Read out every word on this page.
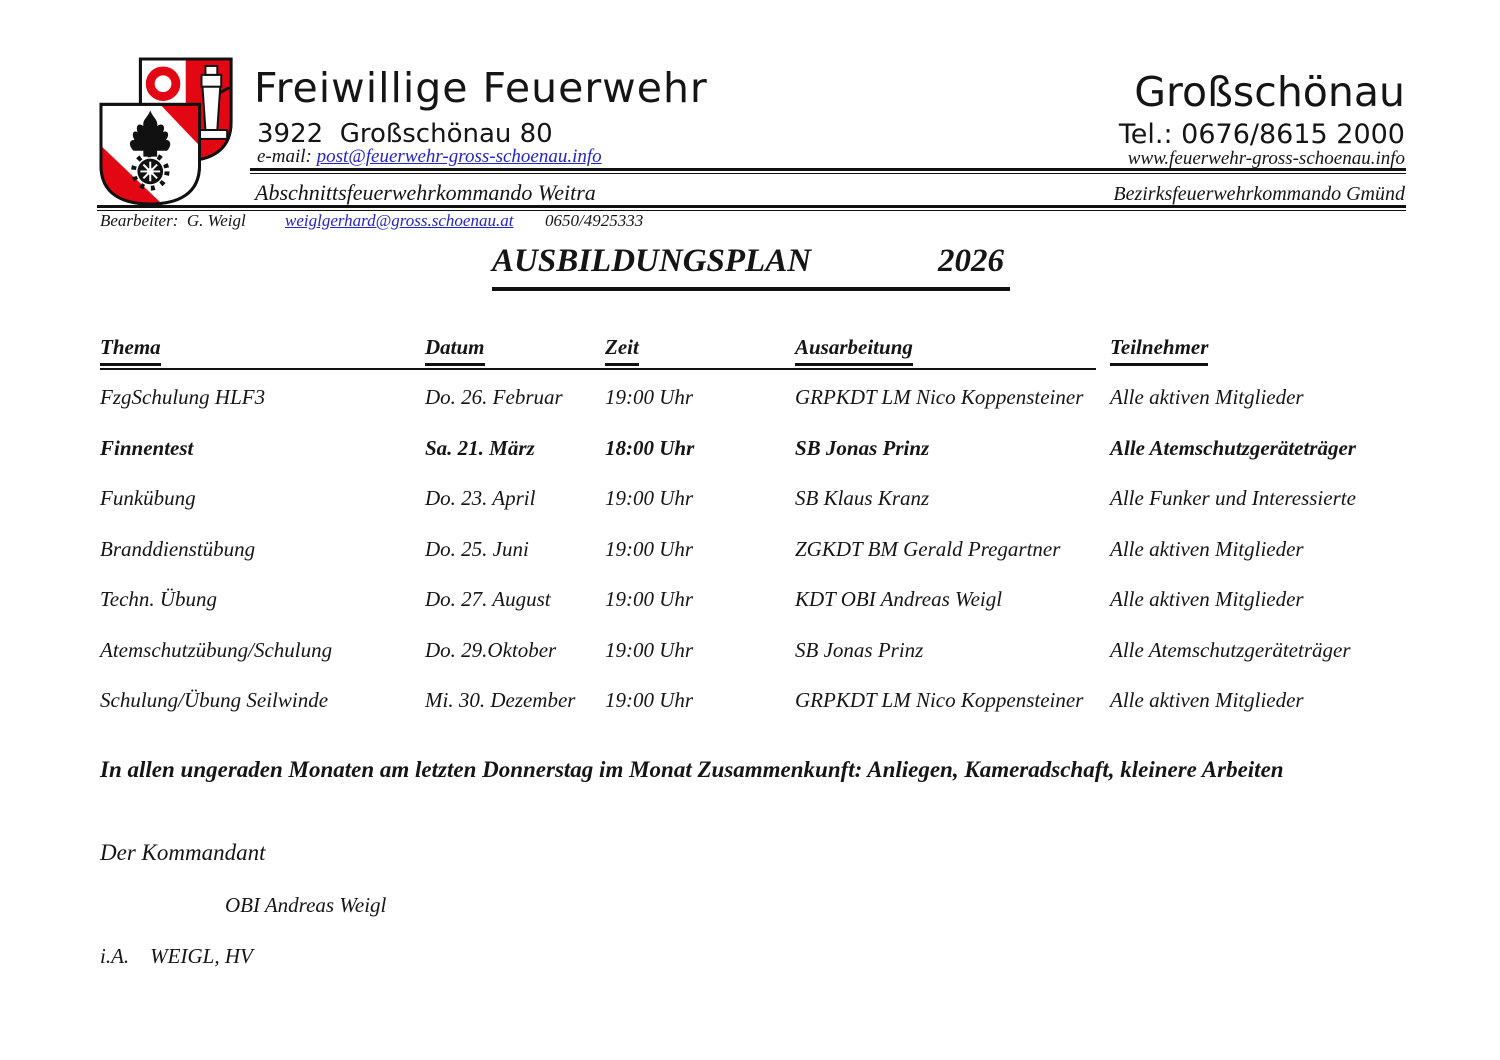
Freiwillige Feuerwehr
3922  Großschönau 80
e-mail: post@feuerwehr-gross-schoenau.info
Großschönau
Tel.: 0676/8615 2000
www.feuerwehr-gross-schoenau.info
Abschnittsfeuerwehrkommando Weitra	Bezirksfeuerwehrkommando Gmünd
Bearbeiter:  G. Weigl weiglgerhard@gross.schoenau.at 0650/4925333
AUSBILDUNGSPLAN	2026
Thema	Datum	Zeit	Ausarbeitung	Teilnehmer
FzgSchulung HLF3	Do. 26. Februar	19:00 Uhr	GRPKDT LM Nico Koppensteiner	Alle aktiven Mitglieder
Finnentest	Sa. 21. März	18:00 Uhr	SB Jonas Prinz	Alle Atemschutzgeräteträger
Funkübung	Do. 23. April	19:00 Uhr	SB Klaus Kranz	Alle Funker und Interessierte
Branddienstübung	Do. 25. Juni	19:00 Uhr	ZGKDT BM Gerald Pregartner	Alle aktiven Mitglieder
Techn. Übung	Do. 27. August	19:00 Uhr	KDT OBI Andreas Weigl	Alle aktiven Mitglieder
Atemschutzübung/Schulung	Do. 29.Oktober	19:00 Uhr	SB Jonas Prinz	Alle Atemschutzgeräteträger
Schulung/Übung Seilwinde	Mi. 30. Dezember	19:00 Uhr	GRPKDT LM Nico Koppensteiner	Alle aktiven Mitglieder
In allen ungeraden Monaten am letzten Donnerstag im Monat Zusammenkunft: Anliegen, Kameradschaft, kleinere Arbeiten
Der Kommandant
OBI Andreas Weigl
i.A.    WEIGL, HV
